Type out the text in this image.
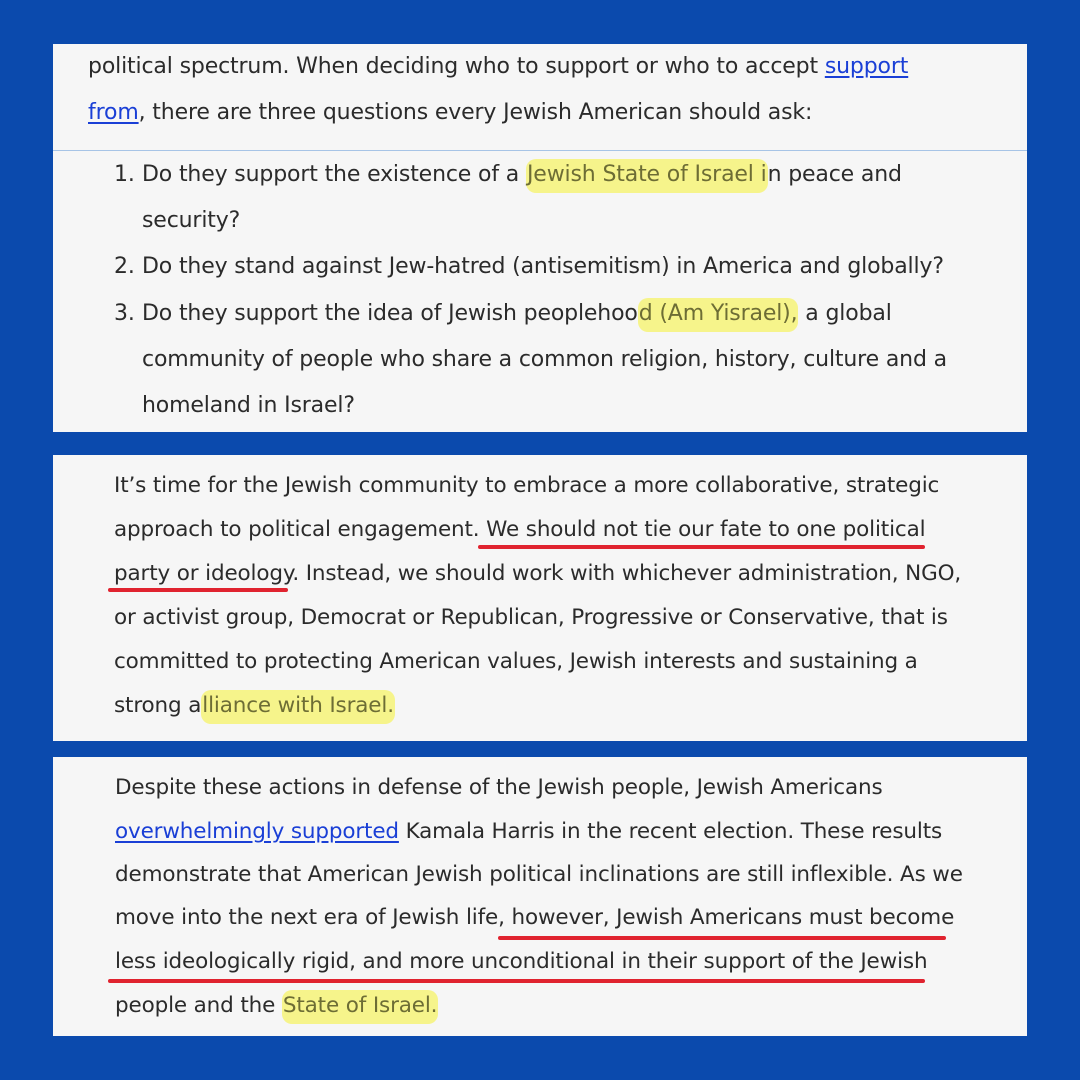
political spectrum. When deciding who to support or who to accept support
from, there are three questions every Jewish American should ask:
1. Do they support the existence of a Jewish State of Israel in peace and
security?
2. Do they stand against Jew-hatred (antisemitism) in America and globally?
3. Do they support the idea of Jewish peoplehood (Am Yisrael), a global
community of people who share a common religion, history, culture and a
homeland in Israel?
It’s time for the Jewish community to embrace a more collaborative, strategic
approach to political engagement. We should not tie our fate to one political
party or ideology. Instead, we should work with whichever administration, NGO,
or activist group, Democrat or Republican, Progressive or Conservative, that is
committed to protecting American values, Jewish interests and sustaining a
strong alliance with Israel.
Despite these actions in defense of the Jewish people, Jewish Americans
overwhelmingly supported Kamala Harris in the recent election. These results
demonstrate that American Jewish political inclinations are still inflexible. As we
move into the next era of Jewish life, however, Jewish Americans must become
less ideologically rigid, and more unconditional in their support of the Jewish
people and the State of Israel.
